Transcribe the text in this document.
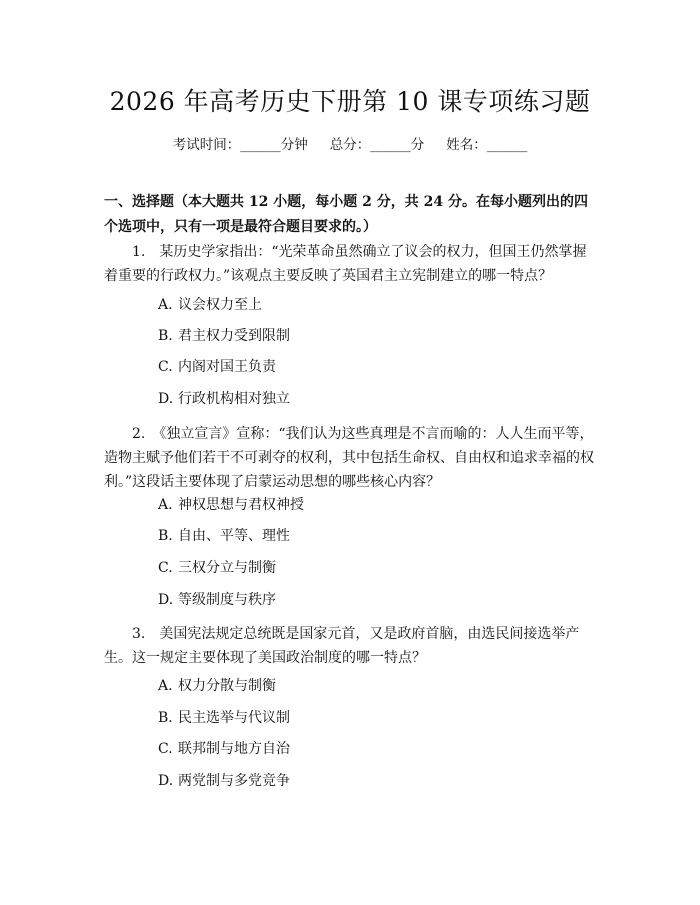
2026 年高考历史下册第 10 课专项练习题
考试时间：______分钟 总分：______分 姓名：______
一、选择题（本大题共 12 小题，每小题 2 分，共 24 分。在每小题列出的四个选项中，只有一项是最符合题目要求的。）
1.　某历史学家指出：“光荣革命虽然确立了议会的权力，但国王仍然掌握着重要的行政权力。”该观点主要反映了英国君主立宪制建立的哪一特点？
A. 议会权力至上
B. 君主权力受到限制
C. 内阁对国王负责
D. 行政机构相对独立
2.　《独立宣言》宣称：“我们认为这些真理是不言而喻的：人人生而平等，造物主赋予他们若干不可剥夺的权利，其中包括生命权、自由权和追求幸福的权利。”这段话主要体现了启蒙运动思想的哪些核心内容？
A. 神权思想与君权神授
B. 自由、平等、理性
C. 三权分立与制衡
D. 等级制度与秩序
3.　美国宪法规定总统既是国家元首，又是政府首脑，由选民间接选举产生。这一规定主要体现了美国政治制度的哪一特点？
A. 权力分散与制衡
B. 民主选举与代议制
C. 联邦制与地方自治
D. 两党制与多党竞争
